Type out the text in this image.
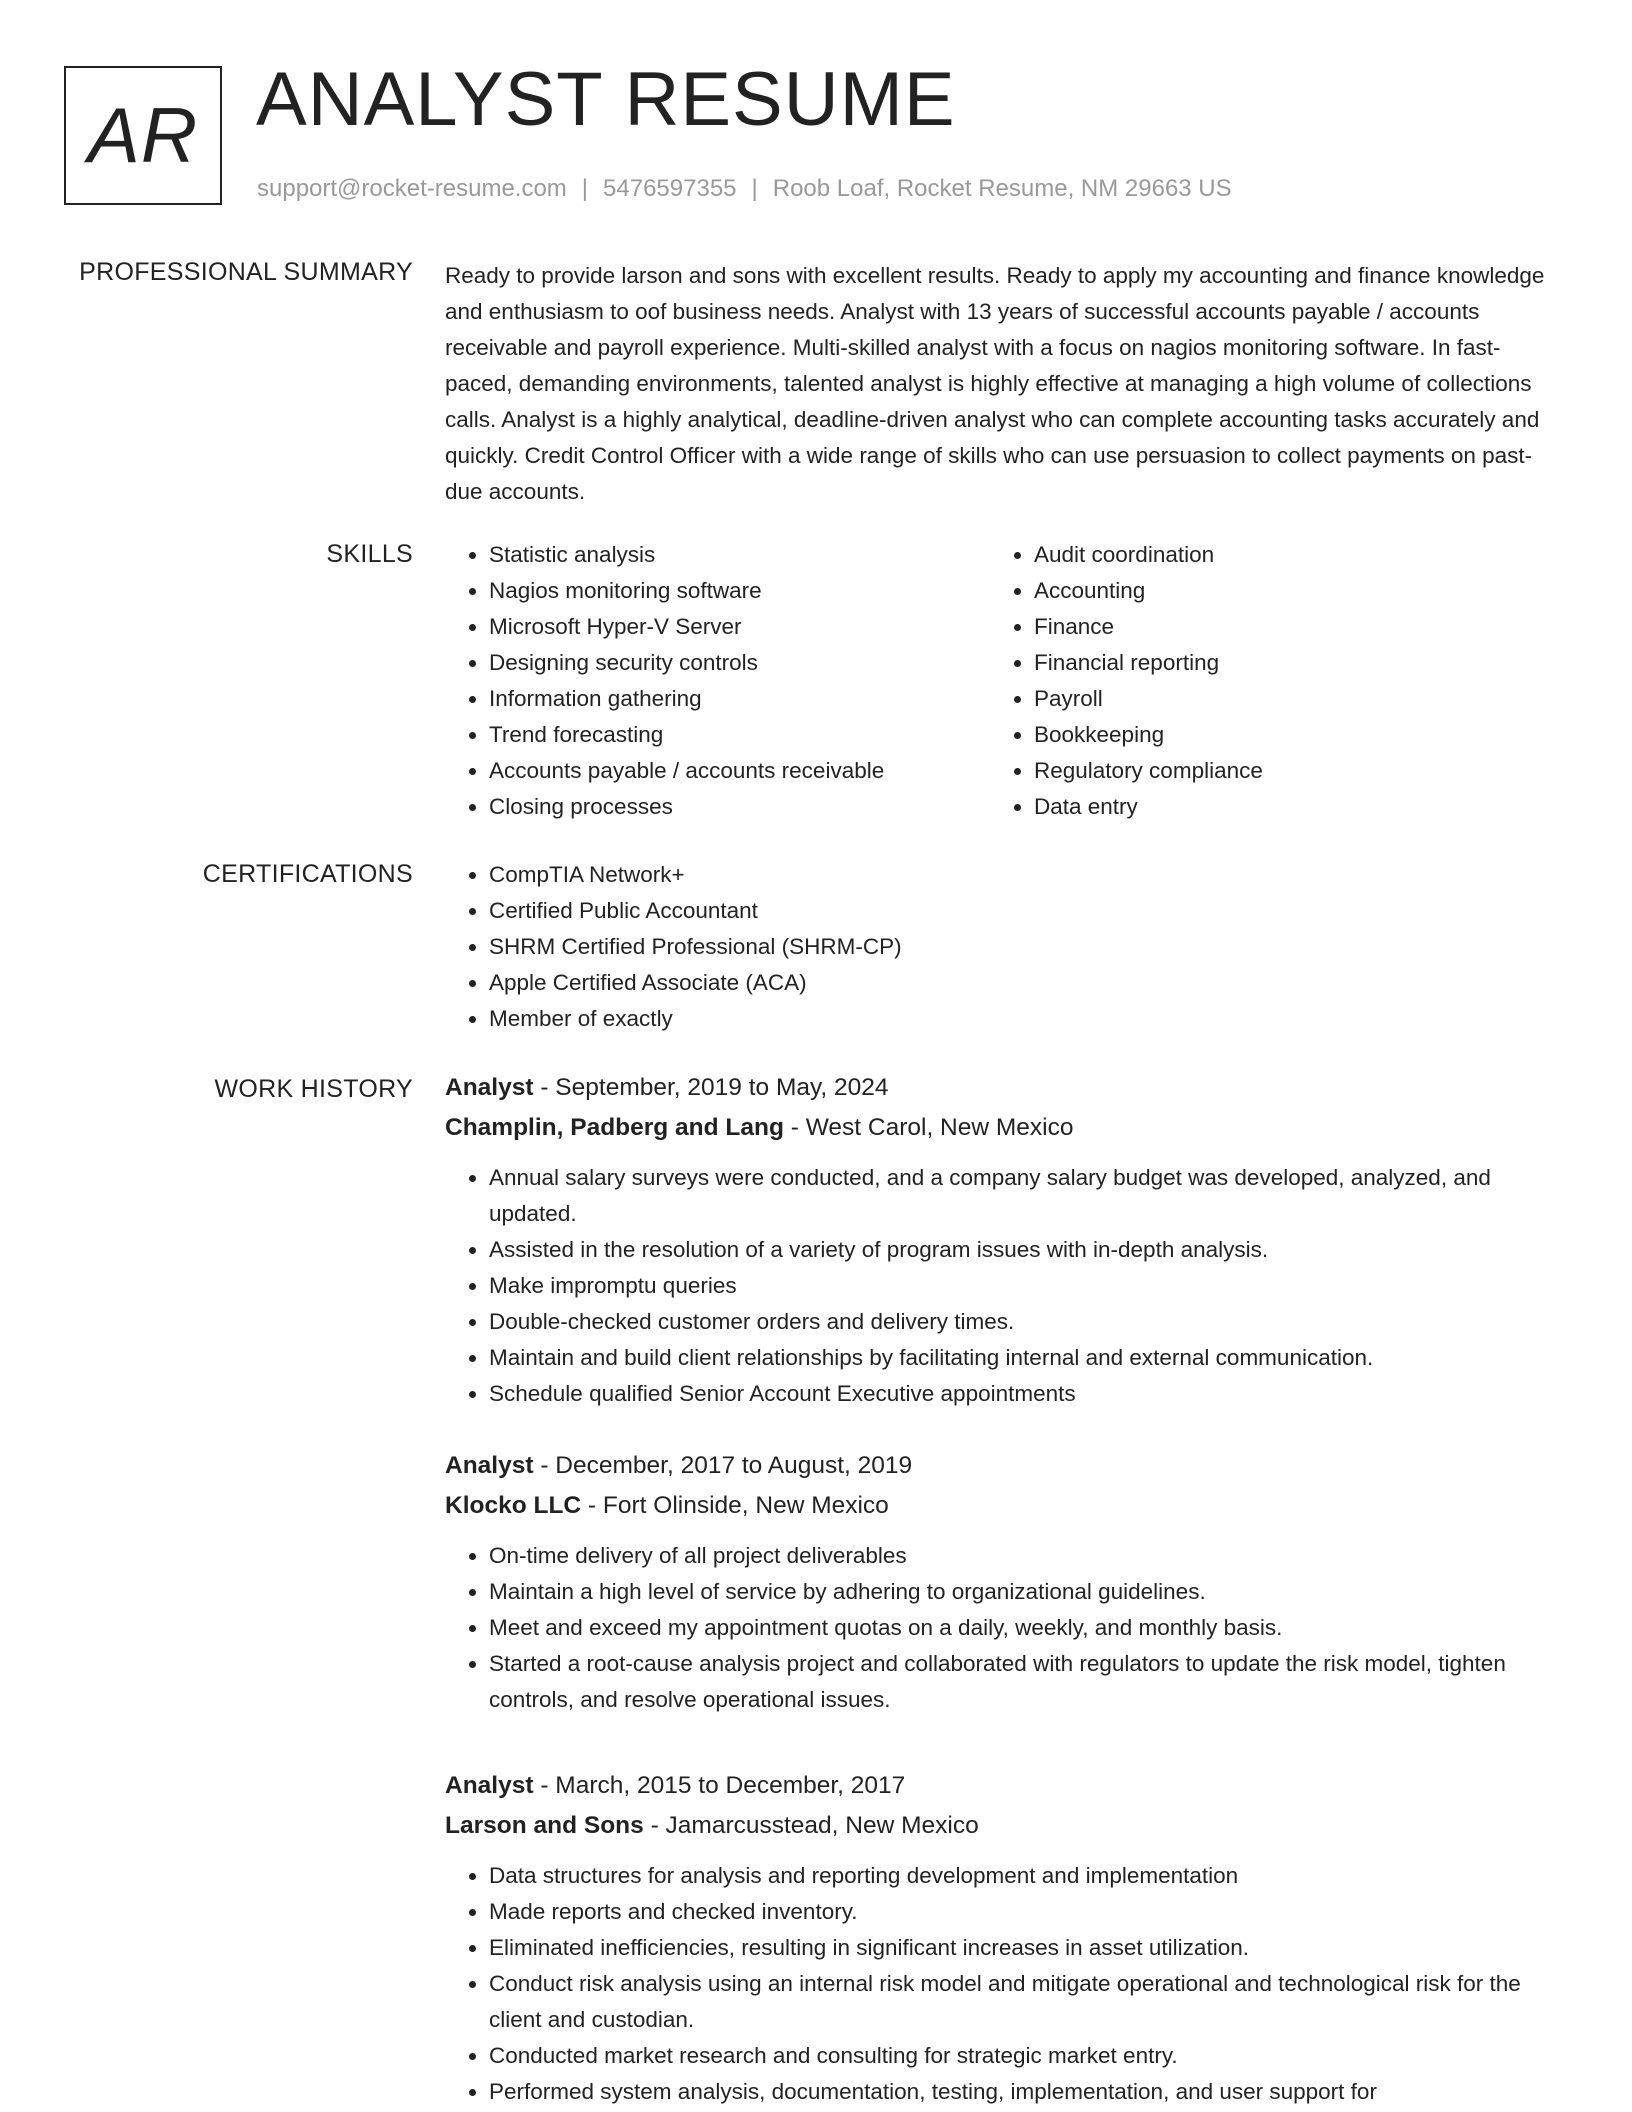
AR ANALYST RESUME
support@rocket-resume.com | 5476597355 | Roob Loaf, Rocket Resume, NM 29663 US
PROFESSIONAL SUMMARY Ready to provide larson and sons with excellent results. Ready to apply my accounting and finance knowledge and enthusiasm to oof business needs. Analyst with 13 years of successful accounts payable / accounts receivable and payroll experience. Multi-skilled analyst with a focus on nagios monitoring software. In fast-paced, demanding environments, talented analyst is highly effective at managing a high volume of collections calls. Analyst is a highly analytical, deadline-driven analyst who can complete accounting tasks accurately and quickly. Credit Control Officer with a wide range of skills who can use persuasion to collect payments on past-due accounts.
SKILLS	• Statistic analysis
• Nagios monitoring software
• Microsoft Hyper-V Server
• Designing security controls
• Information gathering
• Trend forecasting
• Accounts payable / accounts receivable
• Closing processes
• Audit coordination
• Accounting
• Finance
• Financial reporting
• Payroll
• Bookkeeping
• Regulatory compliance
• Data entry
CERTIFICATIONS	• CompTIA Network+
• Certified Public Accountant
• SHRM Certified Professional (SHRM-CP)
• Apple Certified Associate (ACA)
• Member of exactly
WORK HISTORY Analyst - September, 2019 to May, 2024
Champlin, Padberg and Lang - West Carol, New Mexico
• Annual salary surveys were conducted, and a company salary budget was developed, analyzed, and updated.
• Assisted in the resolution of a variety of program issues with in-depth analysis.
• Make impromptu queries
• Double-checked customer orders and delivery times.
• Maintain and build client relationships by facilitating internal and external communication.
• Schedule qualified Senior Account Executive appointments
Analyst - December, 2017 to August, 2019
Klocko LLC - Fort Olinside, New Mexico
• On-time delivery of all project deliverables
• Maintain a high level of service by adhering to organizational guidelines.
• Meet and exceed my appointment quotas on a daily, weekly, and monthly basis.
• Started a root-cause analysis project and collaborated with regulators to update the risk model, tighten controls, and resolve operational issues.
Analyst - March, 2015 to December, 2017
Larson and Sons - Jamarcusstead, New Mexico
• Data structures for analysis and reporting development and implementation
• Made reports and checked inventory.
• Eliminated inefficiencies, resulting in significant increases in asset utilization.
• Conduct risk analysis using an internal risk model and mitigate operational and technological risk for the client and custodian.
• Conducted market research and consulting for strategic market entry.
• Performed system analysis, documentation, testing, implementation, and user support for
